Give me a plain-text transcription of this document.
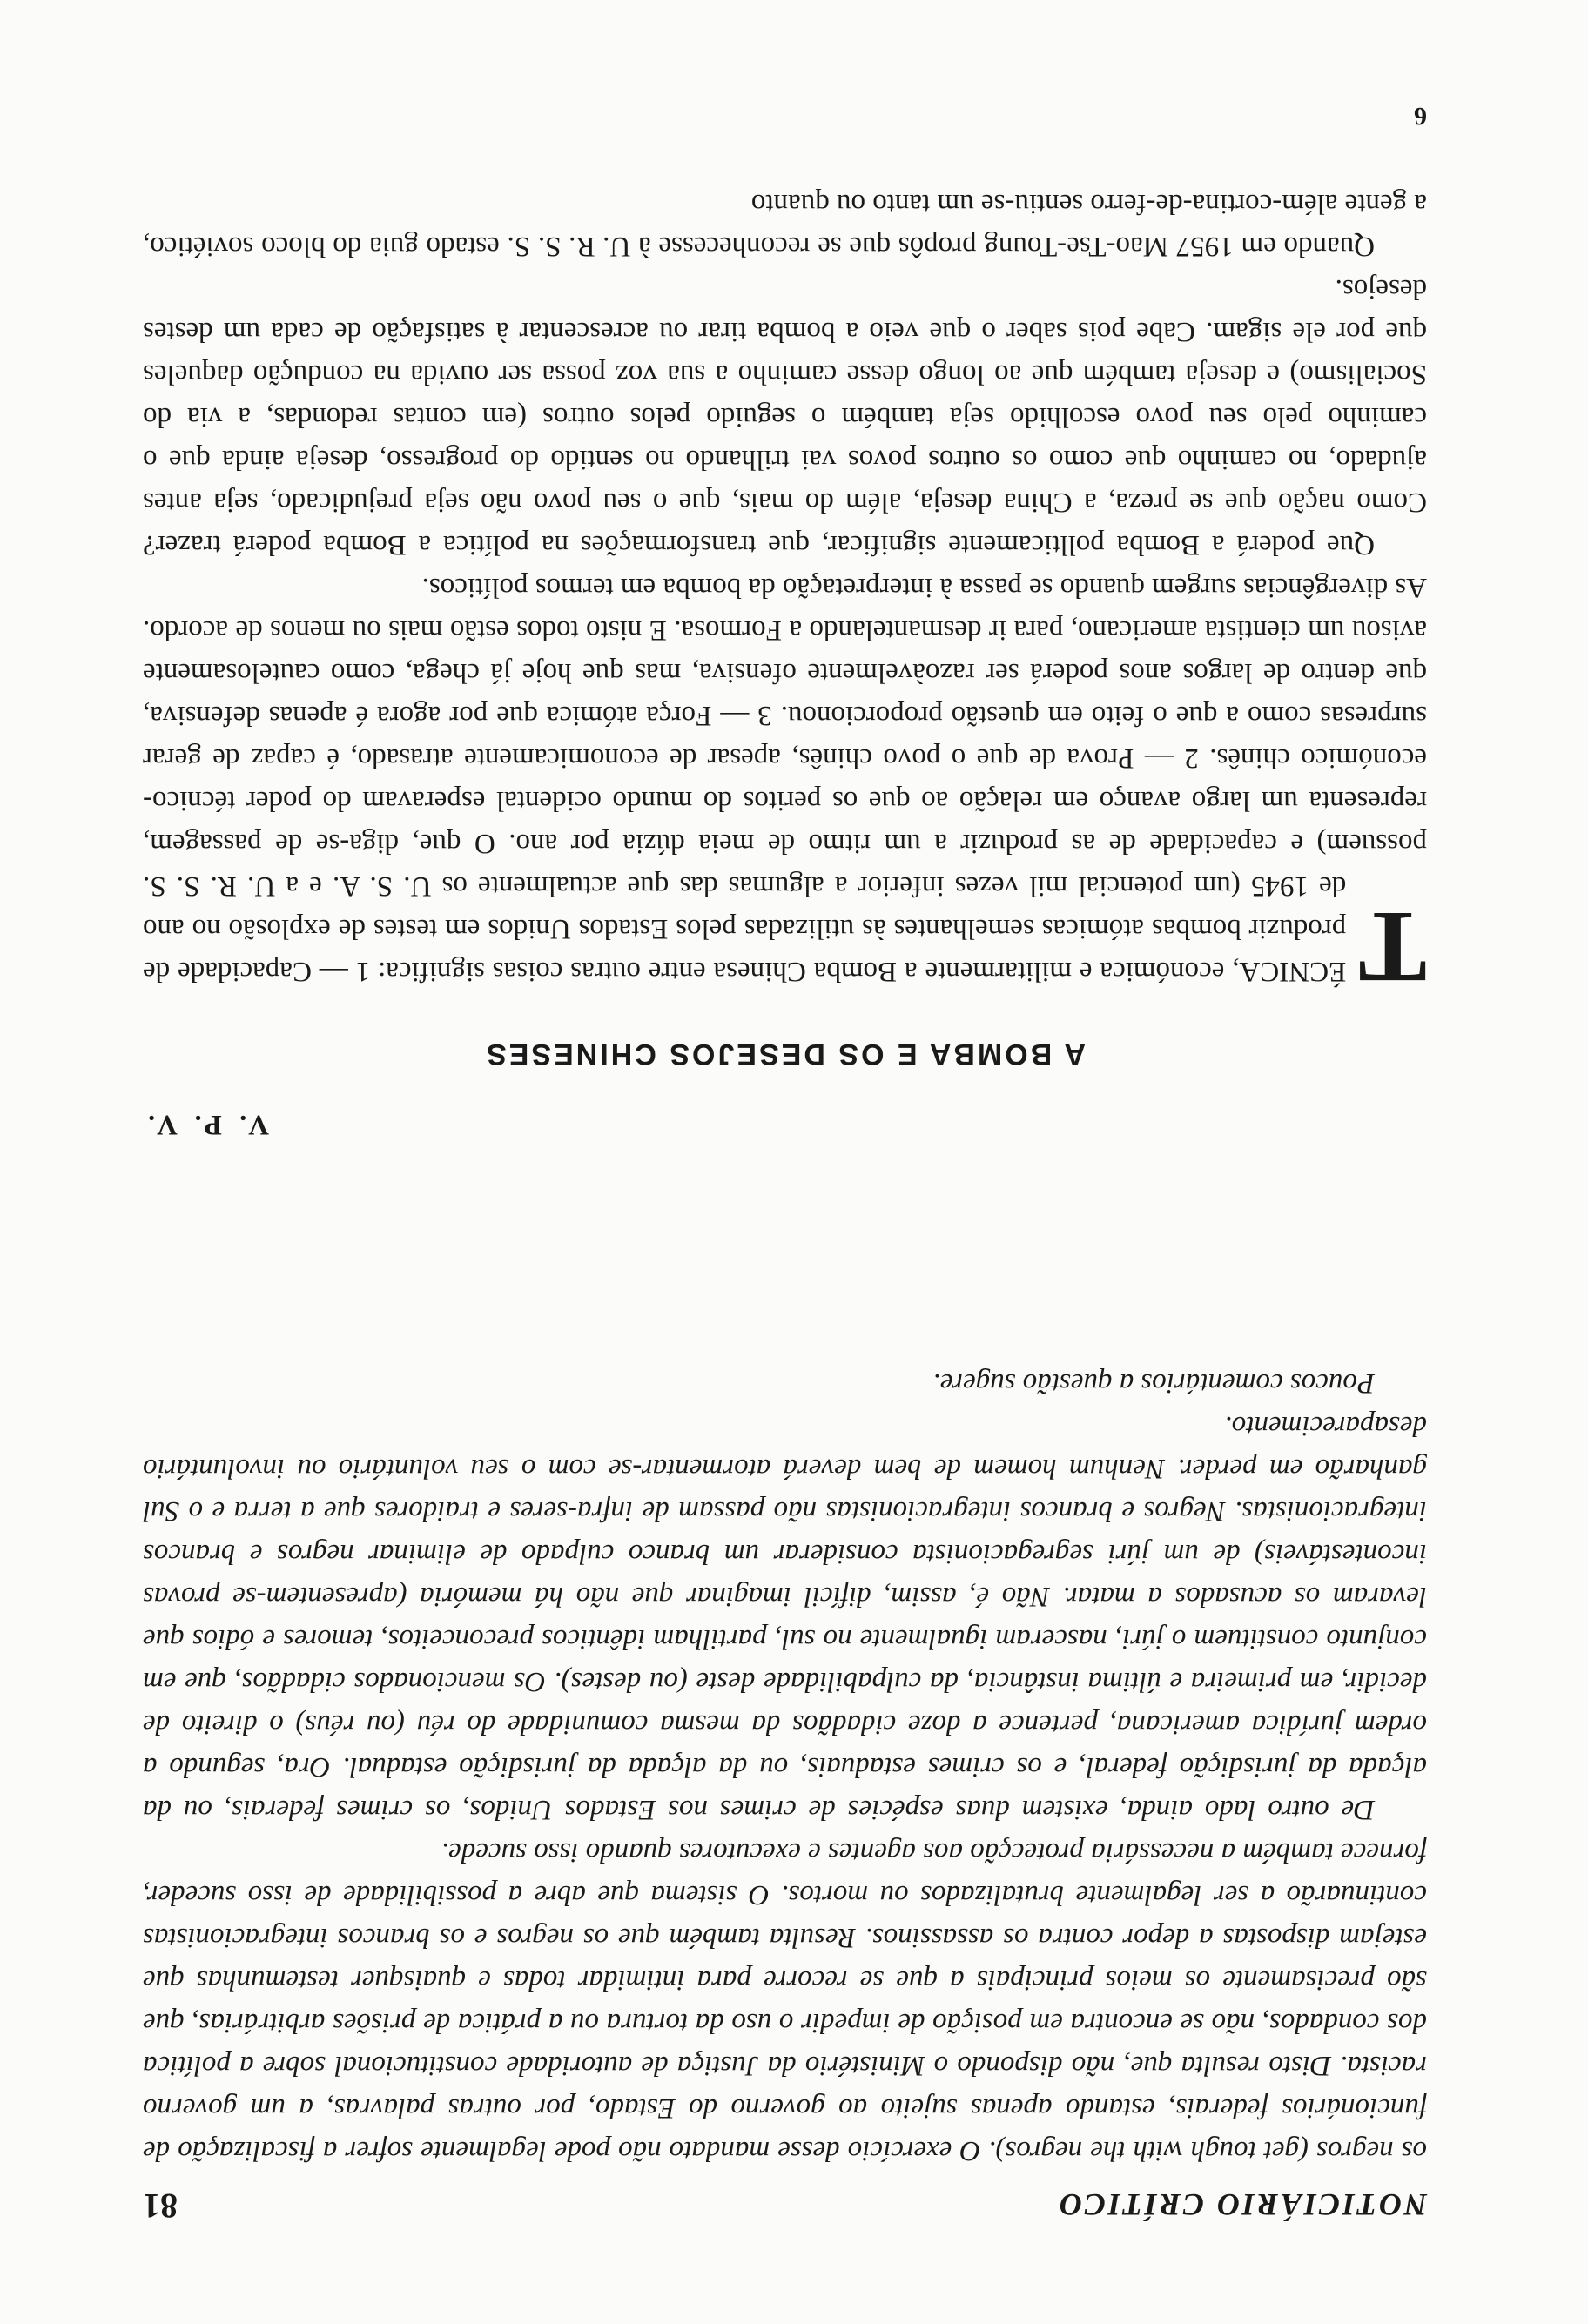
NOTICIÁRIO CRÍTICO
81

os negros (get tough with the negros). O exercício desse mandato não pode legalmente sofrer a fiscalização de funcionários federais, estando apenas sujeito ao governo do Estado, por outras palavras, a um governo racista. Disto resulta que, não dispondo o Ministério da Justiça de autoridade constitucional sobre a política dos condados, não se encontra em posição de impedir o uso da tortura ou a prática de prisões arbitrárias, que são precisamente os meios principais a que se recorre para intimidar todas e quaisquer testemunhas que estejam dispostas a depor contra os assassinos. Resulta também que os negros e os brancos integracionistas continuarão a ser legalmente brutalizados ou mortos. O sistema que abre a possibilidade de isso suceder, fornece também a necessária protecção aos agentes e executores quando isso sucede.

De outro lado ainda, existem duas espécies de crimes nos Estados Unidos, os crimes federais, ou da alçada da jurisdição federal, e os crimes estaduais, ou da alçada da jurisdição estadual. Ora, segundo a ordem jurídica americana, pertence a doze cidadãos da mesma comunidade do réu (ou réus) o direito de decidir, em primeira e última instância, da culpabilidade deste (ou destes). Os mencionados cidadãos, que em conjunto constituem o júri, nasceram igualmente no sul, partilham idênticos preconceitos, temores e ódios que levaram os acusados a matar. Não é, assim, difícil imaginar que não há memória (apresentem-se provas incontestáveis) de um júri segregacionista considerar um branco culpado de eliminar negros e brancos integracionistas. Negros e brancos integracionistas não passam de infra-seres e traidores que a terra e o Sul ganharão em perder. Nenhum homem de bem deverá atormentar-se com o seu voluntário ou involuntário desaparecimento.

Poucos comentários a questão sugere.

V. P. V.
A BOMBA E OS DESEJOS CHINESES

T
ÉCNICA, económica e militarmente a Bomba Chinesa entre outras coisas significa: 1 — Capacidade de produzir bombas atómicas semelhantes às utilizadas pelos Estados Unidos em testes de explosão no ano de 1945 (um potencial mil vezes inferior a algumas das que actualmente os U. S. A. e a U. R. S. S. possuem) e capacidade de as produzir a um ritmo de meia dúzia por ano. O que, diga-se de passagem, representa um largo avanço em relação ao que os peritos do mundo ocidental esperavam do poder técnico-económico chinês. 2 — Prova de que o povo chinês, apesar de economicamente atrasado, é capaz de gerar surpresas como a que o feito em questão proporcionou. 3 — Força atómica que por agora é apenas defensiva, que dentro de largos anos poderá ser razoàvelmente ofensiva, mas que hoje já chega, como cautelosamente avisou um cientista americano, para ir desmantelando a Formosa. E nisto todos estão mais ou menos de acordo. As divergências surgem quando se passa à interpretação da bomba em termos políticos.

Que poderá a Bomba pollticamente significar, que transformações na política a Bomba poderá trazer? Como nação que se preza, a China deseja, além do mais, que o seu povo não seja prejudicado, seja antes ajudado, no caminho que como os outros povos vai trilhando no sentido do progresso, deseja ainda que o caminho pelo seu povo escolhido seja também o seguido pelos outros (em contas redondas, a via do Socialismo) e deseja também que ao longo desse caminho a sua voz possa ser ouvida na condução daqueles que por ele sigam. Cabe pois saber o que veio a bomba tirar ou acrescentar à satisfação de cada um destes desejos.

Quando em 1957 Mao-Tse-Toung propôs que se reconhecesse à U. R. S. S. estado guia do bloco soviético, a gente além-cortina-de-ferro sentiu-se um tanto ou quanto

6
